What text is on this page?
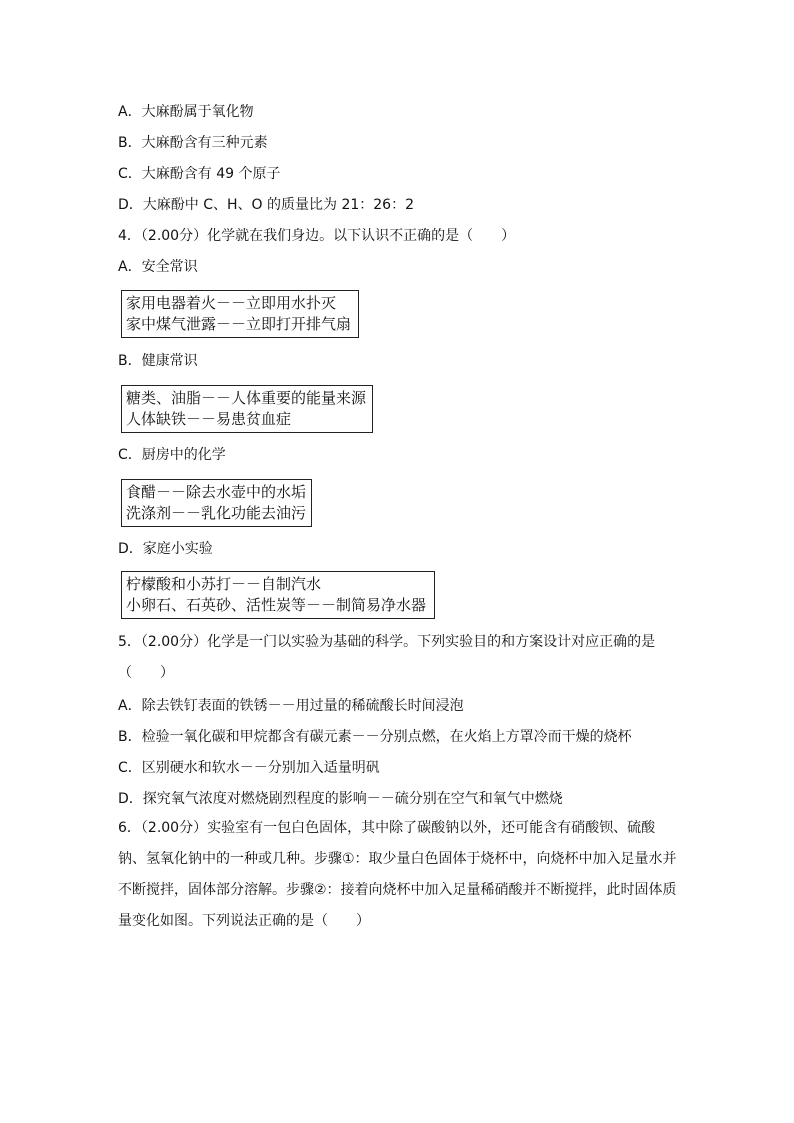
A．大麻酚属于氧化物
B．大麻酚含有三种元素
C．大麻酚含有 49 个原子
D．大麻酚中 C、H、O 的质量比为 21：26：2
4．（2.00分）化学就在我们身边。以下认识不正确的是（　　）
A．安全常识
家用电器着火－－立即用水扑灭
家中煤气泄露－－立即打开排气扇
B．健康常识
糖类、油脂－－人体重要的能量来源
人体缺铁－－易患贫血症
C．厨房中的化学
食醋－－除去水壶中的水垢
洗涤剂－－乳化功能去油污
D．家庭小实验
柠檬酸和小苏打－－自制汽水
小卵石、石英砂、活性炭等－－制简易净水器
5．（2.00分）化学是一门以实验为基础的科学。下列实验目的和方案设计对应正确的是（　　）
A．除去铁钉表面的铁锈－－用过量的稀硫酸长时间浸泡
B．检验一氧化碳和甲烷都含有碳元素－－分别点燃，在火焰上方罩冷而干燥的烧杯
C．区别硬水和软水－－分别加入适量明矾
D．探究氧气浓度对燃烧剧烈程度的影响－－硫分别在空气和氧气中燃烧
6．（2.00分）实验室有一包白色固体，其中除了碳酸钠以外，还可能含有硝酸钡、硫酸钠、氢氧化钠中的一种或几种。步骤①：取少量白色固体于烧杯中，向烧杯中加入足量水并不断搅拌，固体部分溶解。步骤②：接着向烧杯中加入足量稀硝酸并不断搅拌，此时固体质量变化如图。下列说法正确的是（　　）
